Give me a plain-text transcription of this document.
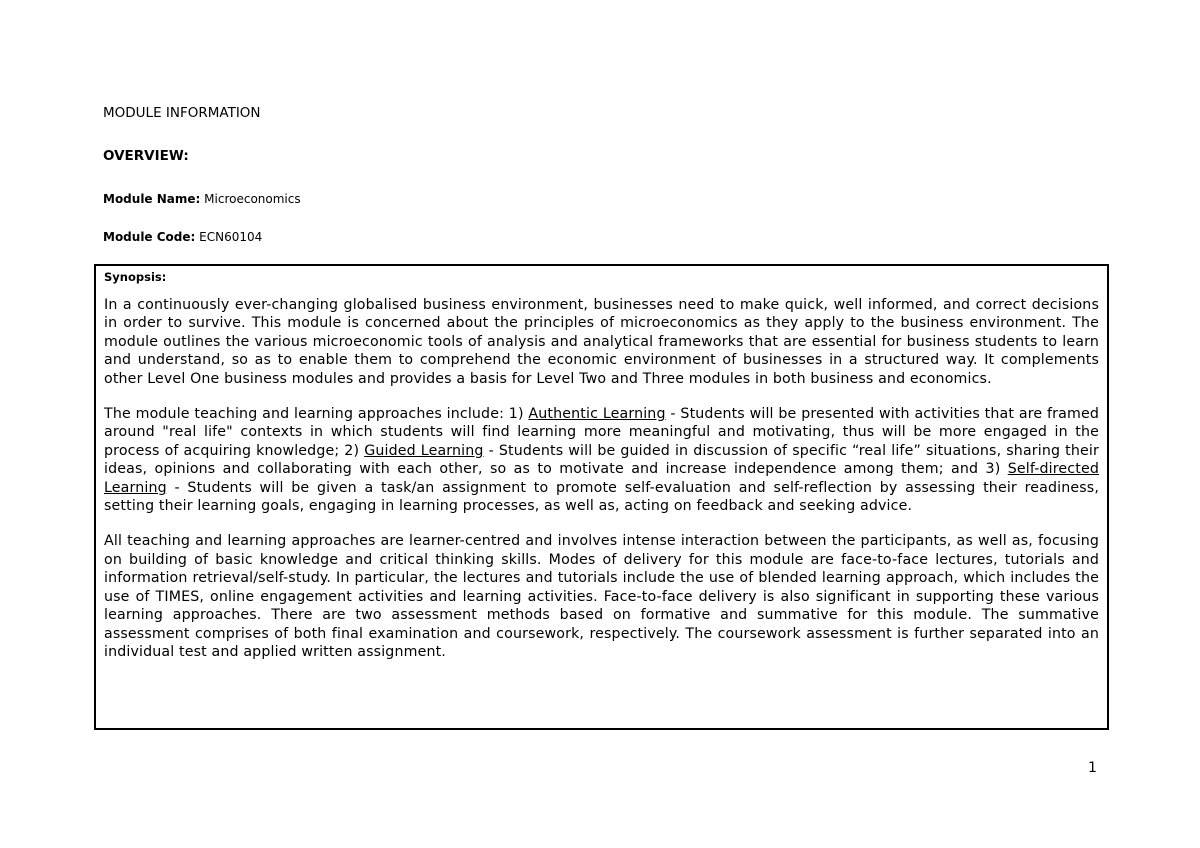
MODULE INFORMATION
OVERVIEW:
Module Name: Microeconomics
Module Code: ECN60104
Synopsis:

In a continuously ever-changing globalised business environment, businesses need to make quick, well informed, and correct decisions in order to survive. This module is concerned about the principles of microeconomics as they apply to the business environment. The module outlines the various microeconomic tools of analysis and analytical frameworks that are essential for business students to learn and understand, so as to enable them to comprehend the economic environment of businesses in a structured way. It complements other Level One business modules and provides a basis for Level Two and Three modules in both business and economics.

The module teaching and learning approaches include: 1) Authentic Learning - Students will be presented with activities that are framed around "real life" contexts in which students will find learning more meaningful and motivating, thus will be more engaged in the process of acquiring knowledge; 2) Guided Learning - Students will be guided in discussion of specific “real life” situations, sharing their ideas, opinions and collaborating with each other, so as to motivate and increase independence among them; and 3) Self-directed Learning - Students will be given a task/an assignment to promote self-evaluation and self-reflection by assessing their readiness, setting their learning goals, engaging in learning processes, as well as, acting on feedback and seeking advice.

All teaching and learning approaches are learner-centred and involves intense interaction between the participants, as well as, focusing on building of basic knowledge and critical thinking skills. Modes of delivery for this module are face-to-face lectures, tutorials and information retrieval/self-study. In particular, the lectures and tutorials include the use of blended learning approach, which includes the use of TIMES, online engagement activities and learning activities. Face-to-face delivery is also significant in supporting these various learning approaches. There are two assessment methods based on formative and summative for this module. The summative assessment comprises of both final examination and coursework, respectively. The coursework assessment is further separated into an individual test and applied written assignment.

1
